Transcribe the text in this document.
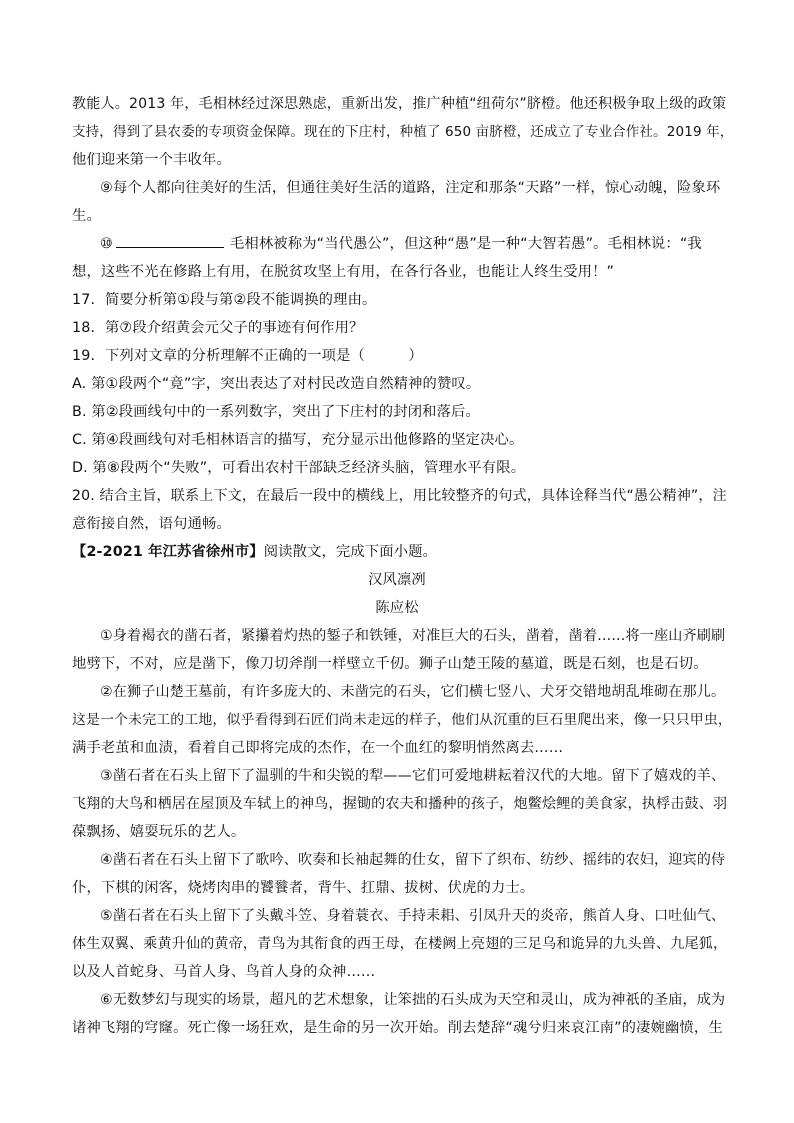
教能人。2013 年，毛相林经过深思熟虑，重新出发，推广种植“纽荷尔”脐橙。他还积极争取上级的政策
支持，得到了县农委的专项资金保障。现在的下庄村，种植了 650 亩脐橙，还成立了专业合作社。2019 年，
他们迎来第一个丰收年。
⑨每个人都向往美好的生活，但通往美好生活的道路，注定和那条“天路”一样，惊心动魄，险象环
生。
⑩	毛相林被称为“当代愚公”，但这种“愚”是一种“大智若愚”。毛相林说：“我
想，这些不光在修路上有用，在脱贫攻坚上有用，在各行各业，也能让人终生受用！”
17．简要分析第①段与第②段不能调换的理由。
18．第⑦段介绍黄会元父子的事迹有何作用？
19．下列对文章的分析理解不正确的一项是（　　　）
A. 第①段两个“竟”字，突出表达了对村民改造自然精神的赞叹。
B. 第②段画线句中的一系列数字，突出了下庄村的封闭和落后。
C. 第④段画线句对毛相林语言的描写，充分显示出他修路的坚定决心。
D. 第⑧段两个“失败”，可看出农村干部缺乏经济头脑，管理水平有限。
20. 结合主旨，联系上下文，在最后一段中的横线上，用比较整齐的句式，具体诠释当代“愚公精神”，注
意衔接自然，语句通畅。
【2-2021 年江苏省徐州市】阅读散文，完成下面小题。
汉风凛冽
陈应松
①身着褐衣的凿石者，紧攥着灼热的錾子和铁锤，对准巨大的石头，凿着，凿着……将一座山齐刷刷
地劈下，不对，应是凿下，像刀切斧削一样壁立千仞。狮子山楚王陵的墓道，既是石刻，也是石切。
②在狮子山楚王墓前，有许多庞大的、未凿完的石头，它们横七竖八、犬牙交错地胡乱堆砌在那儿。
这是一个未完工的工地，似乎看得到石匠们尚未走远的样子，他们从沉重的巨石里爬出来，像一只只甲虫，
满手老茧和血渍，看着自己即将完成的杰作，在一个血红的黎明悄然离去……
③凿石者在石头上留下了温驯的牛和尖锐的犁——它们可爱地耕耘着汉代的大地。留下了嬉戏的羊、
飞翔的大鸟和栖居在屋顶及车轼上的神鸟，握锄的农夫和播种的孩子，炮鳖烩鲤的美食家，执桴击鼓、羽
葆飘扬、嬉耍玩乐的艺人。
④凿石者在石头上留下了歌吟、吹奏和长袖起舞的仕女，留下了织布、纺纱、摇纬的农妇，迎宾的侍
仆，下棋的闲客，烧烤肉串的饕餮者，背牛、扛鼎、拔树、伏虎的力士。
⑤凿石者在石头上留下了头戴斗笠、身着蓑衣、手持耒耜、引凤升天的炎帝，熊首人身、口吐仙气、
体生双翼、乘黄升仙的黄帝，青鸟为其衔食的西王母，在楼阙上亮翅的三足乌和诡异的九头兽、九尾狐，
以及人首蛇身、马首人身、鸟首人身的众神……
⑥无数梦幻与现实的场景，超凡的艺术想象，让笨拙的石头成为天空和灵山，成为神祇的圣庙，成为
诸神飞翔的穹窿。死亡像一场狂欢，是生命的另一次开始。削去楚辞“魂兮归来哀江南”的凄婉幽愤，生
